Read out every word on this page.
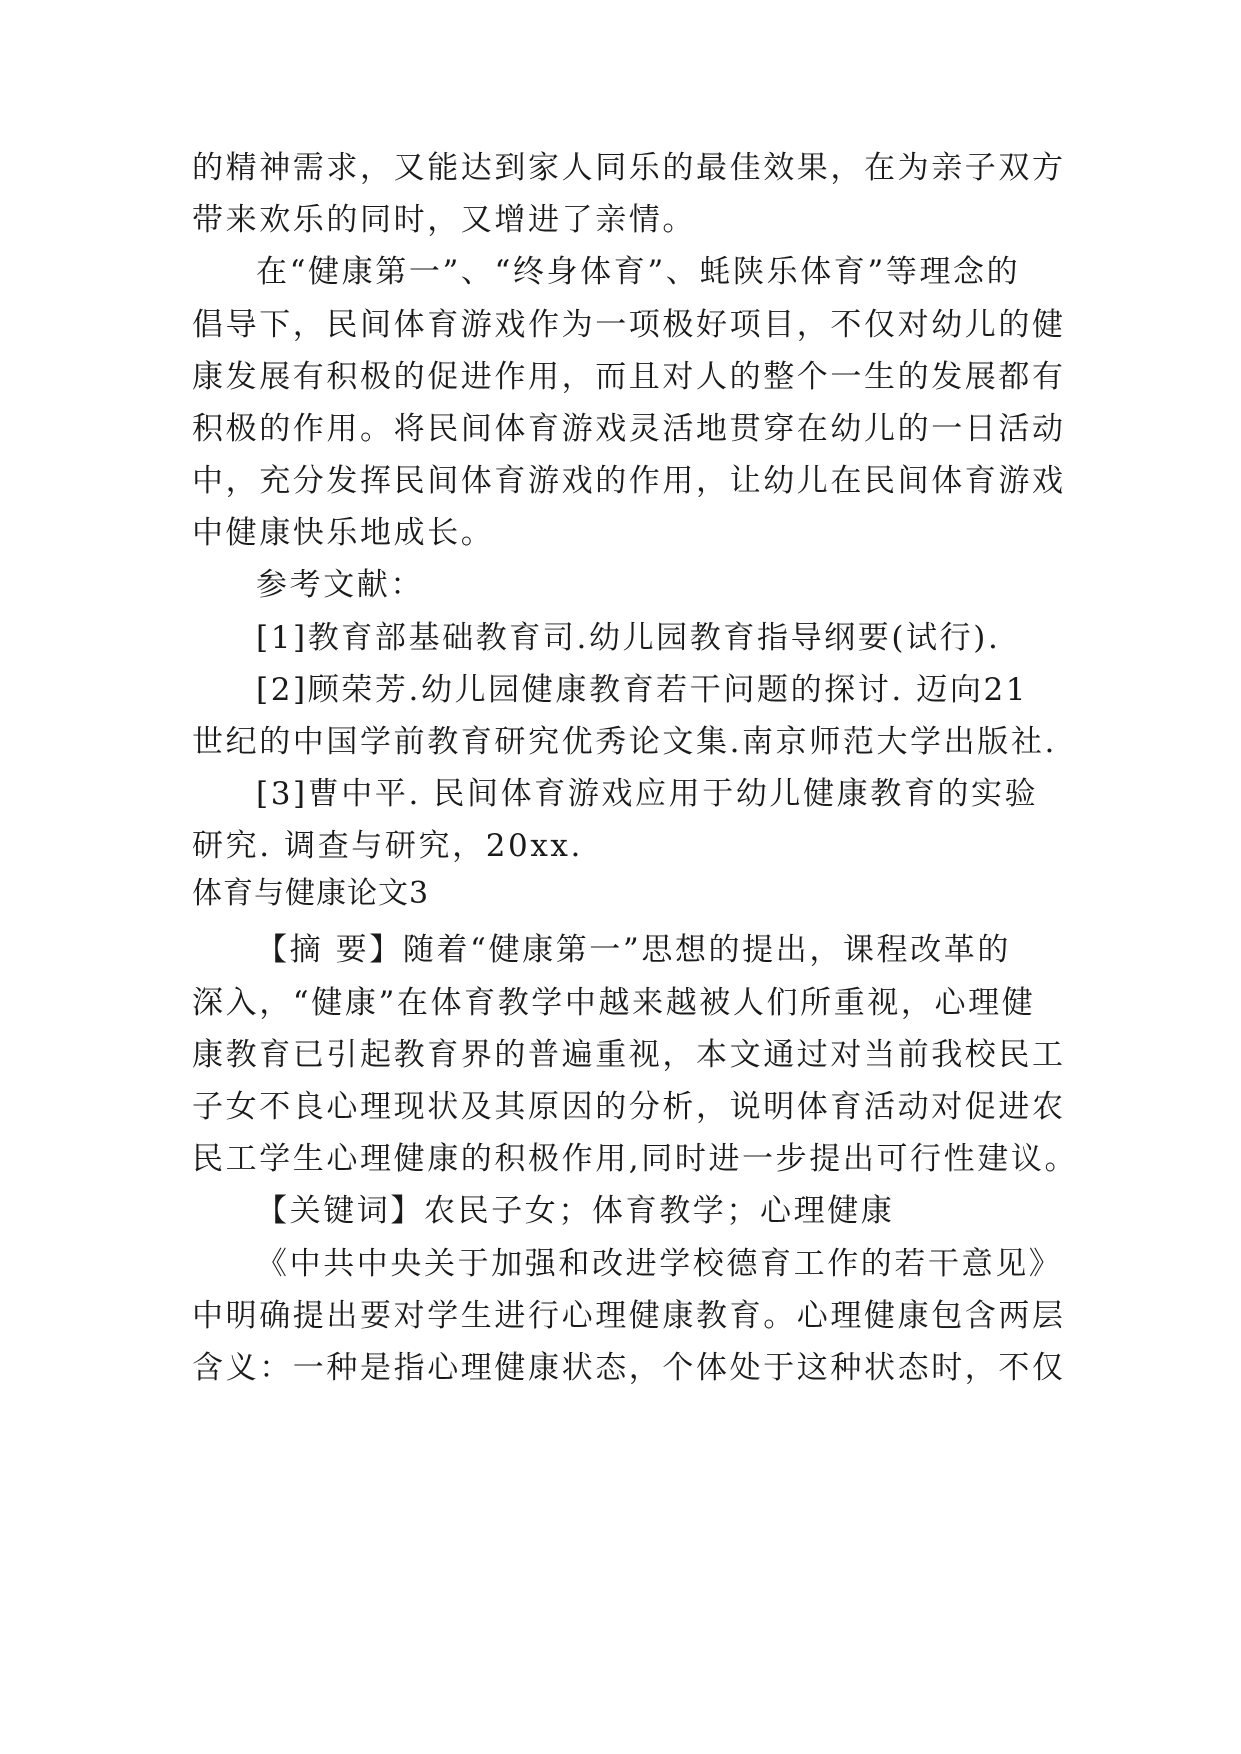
的精神需求，又能达到家人同乐的最佳效果，在为亲子双方

带来欢乐的同时，又增进了亲情。

在“健康第一”、“终身体育”、蚝陕乐体育”等理念的

倡导下，民间体育游戏作为一项极好项目，不仅对幼儿的健

康发展有积极的促进作用，而且对人的整个一生的发展都有

积极的作用。将民间体育游戏灵活地贯穿在幼儿的一日活动

中，充分发挥民间体育游戏的作用，让幼儿在民间体育游戏

中健康快乐地成长。

参考文献：

[1]教育部基础教育司.幼儿园教育指导纲要(试行).

[2]顾荣芳.幼儿园健康教育若干问题的探讨. 迈向21

世纪的中国学前教育研究优秀论文集.南京师范大学出版社.

[3]曹中平. 民间体育游戏应用于幼儿健康教育的实验

研究. 调查与研究，20xx.

体育与健康论文3

【摘 要】随着“健康第一”思想的提出，课程改革的

深入，“健康”在体育教学中越来越被人们所重视，心理健

康教育已引起教育界的普遍重视，本文通过对当前我校民工

子女不良心理现状及其原因的分析，说明体育活动对促进农

民工学生心理健康的积极作用,同时进一步提出可行性建议。

【关键词】农民子女；体育教学；心理健康

《中共中央关于加强和改进学校德育工作的若干意见》

中明确提出要对学生进行心理健康教育。心理健康包含两层

含义：一种是指心理健康状态，个体处于这种状态时，不仅
